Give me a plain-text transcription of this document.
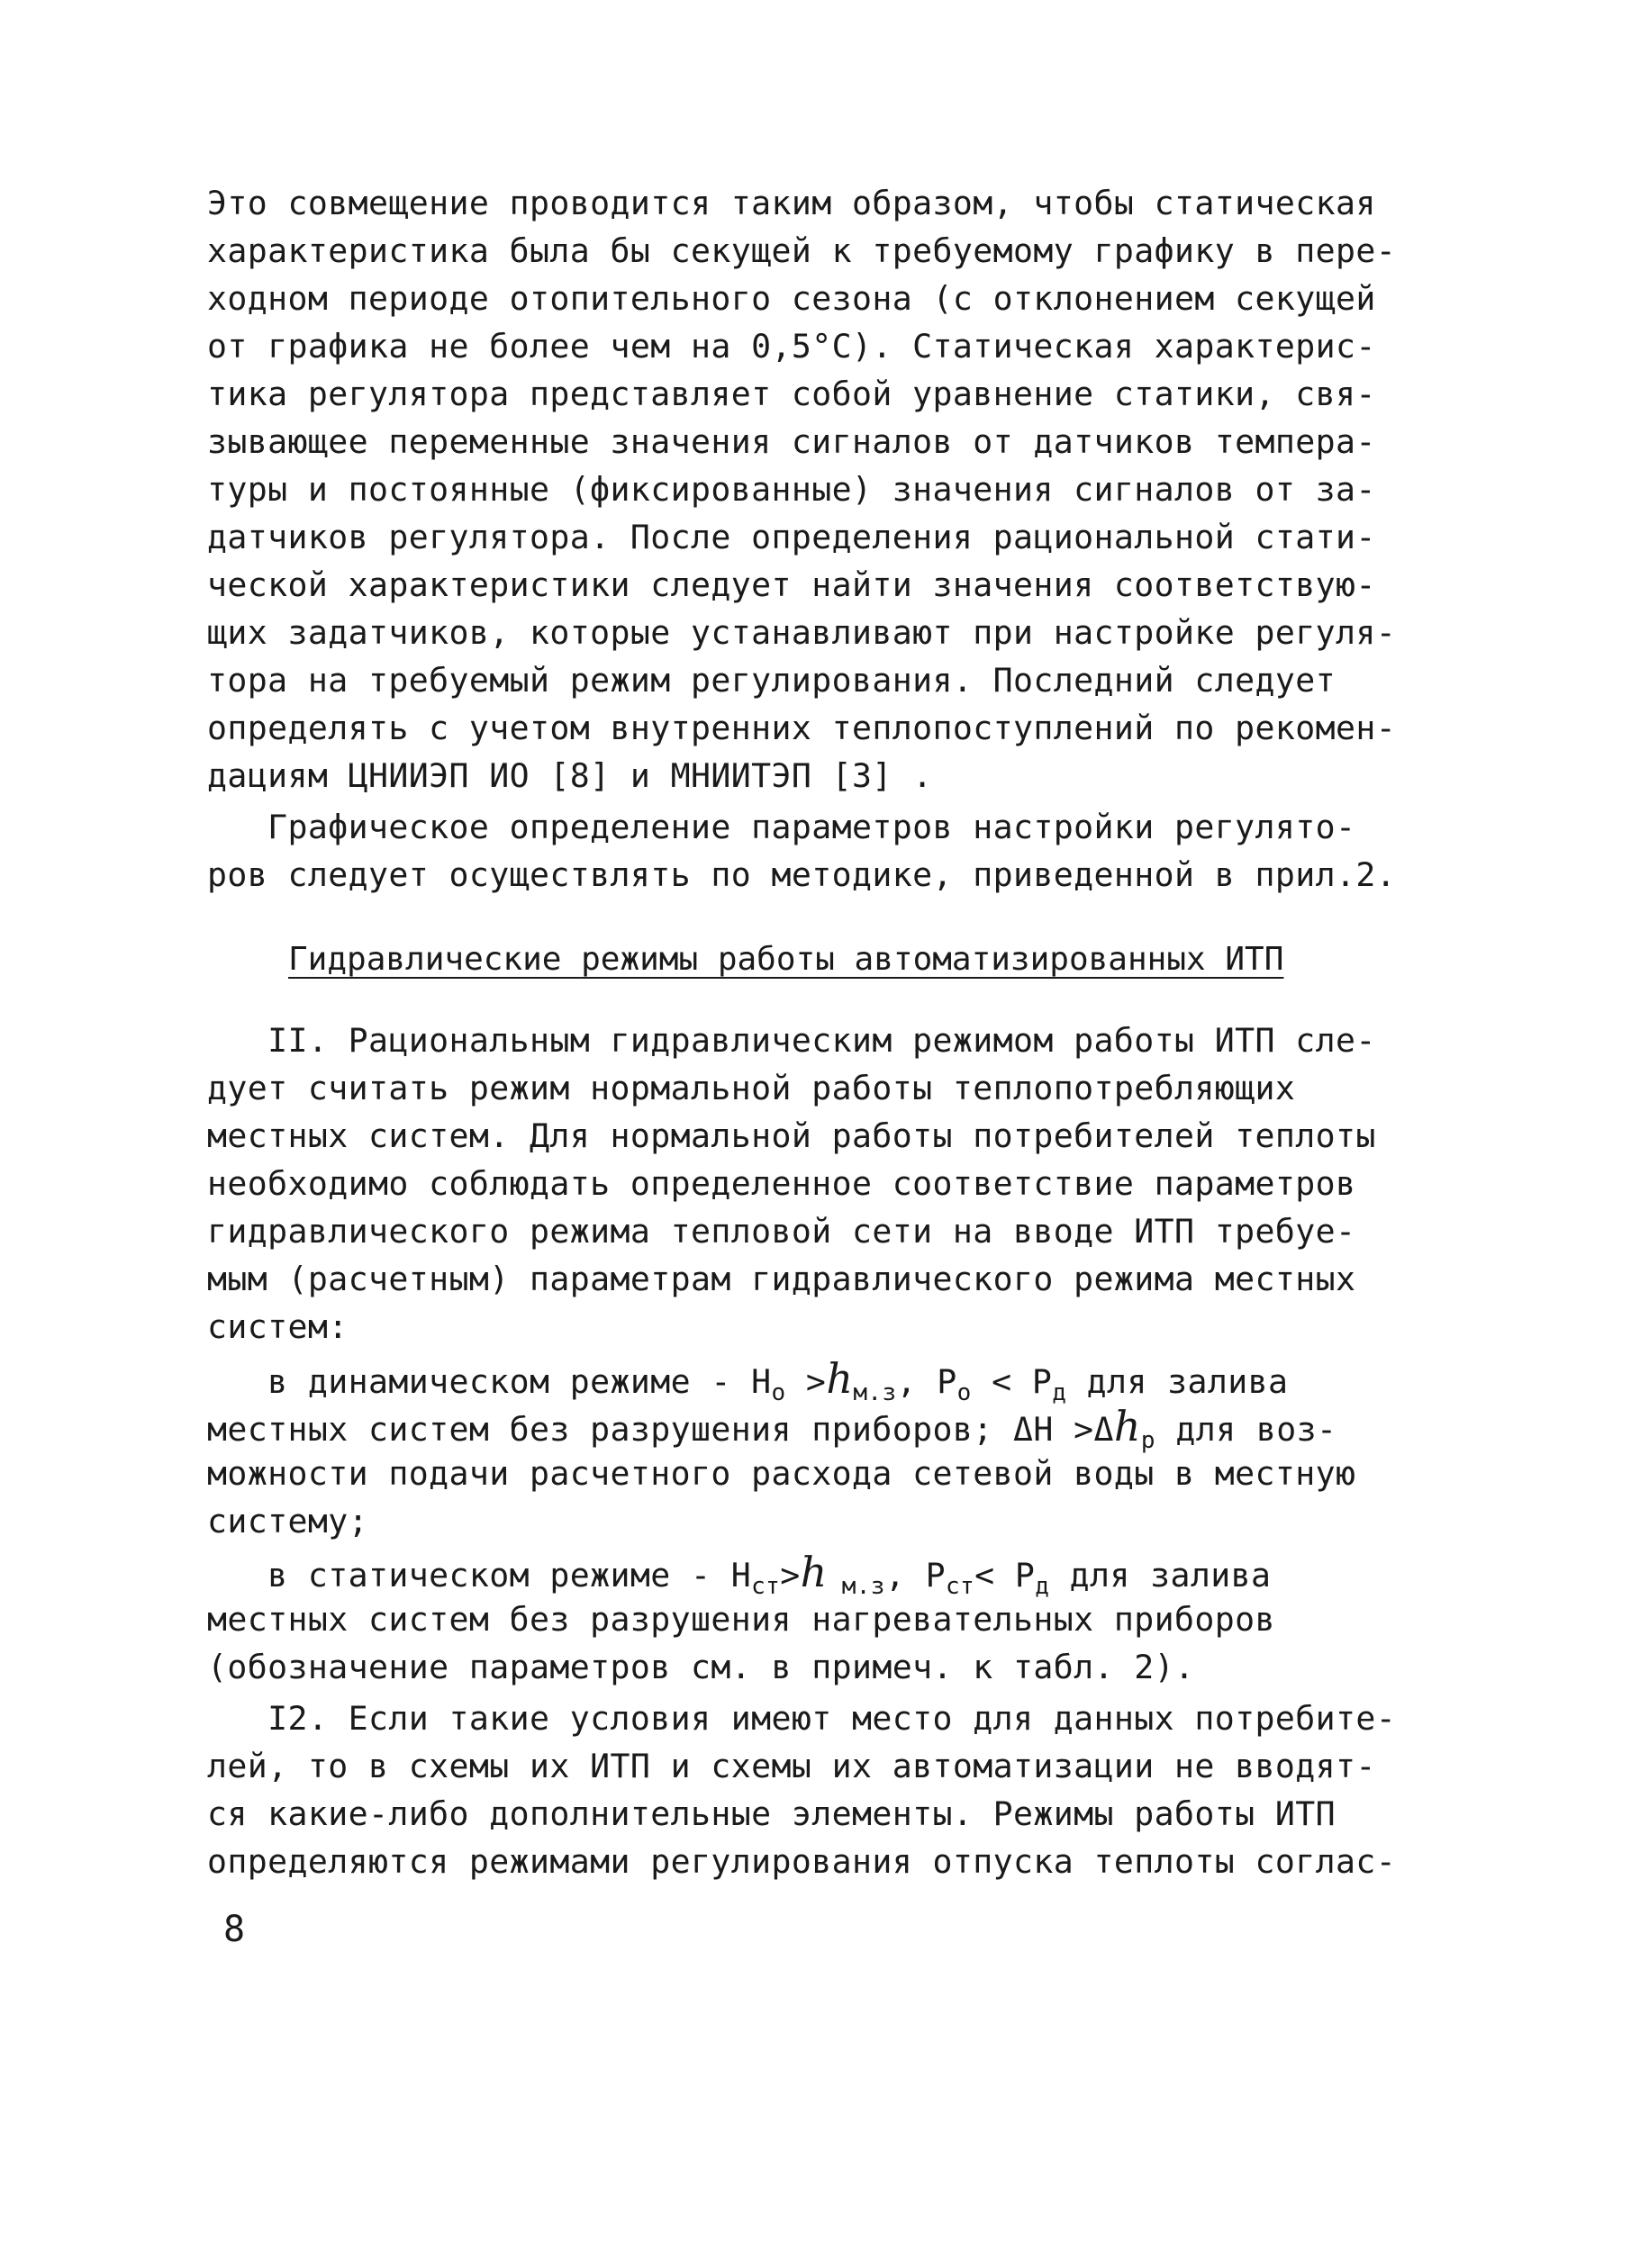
Это совмещение проводится таким образом, чтобы статическая
характеристика была бы секущей к требуемому графику в пере-
ходном периоде отопительного сезона (с отклонением секущей
от графика не более чем на 0,5°С). Статическая характерис-
тика регулятора представляет собой уравнение статики, свя-
зывающее переменные значения сигналов от датчиков темпера-
туры и постоянные (фиксированные) значения сигналов от за-
датчиков регулятора. После определения рациональной стати-
ческой характеристики следует найти значения соответствую-
щих задатчиков, которые устанавливают при настройке регуля-
тора на требуемый режим регулирования. Последний следует
определять с учетом внутренних теплопоступлений по рекомен-
дациям ЦНИИЭП ИО [8] и МНИИТЭП [3] .
Графическое определение параметров настройки регулято-
ров следует осуществлять по методике, приведенной в прил.2.
Гидравлические режимы работы автоматизированных ИТП
II. Рациональным гидравлическим режимом работы ИТП сле-
дует считать режим нормальной работы теплопотребляющих
местных систем. Для нормальной работы потребителей теплоты
необходимо соблюдать определенное соответствие параметров
гидравлического режима тепловой сети на вводе ИТП требуе-
мым (расчетным) параметрам гидравлического режима местных
систем:
в динамическом режиме - $H_о >h_{м.з}$, $P_о < P_д$ для залива
местных систем без разрушения приборов; $\Delta H >\Delta h_р$ для воз-
можности подачи расчетного расхода сетевой воды в местную
систему;
в статическом режиме - $H_{ст}>h$ $_{м.з}$, $P_{ст}< P_д$ для залива
местных систем без разрушения нагревательных приборов
(обозначение параметров см. в примеч. к табл. 2).
I2. Если такие условия имеют место для данных потребите-
лей, то в схемы их ИТП и схемы их автоматизации не вводят-
ся какие-либо дополнительные элементы. Режимы работы ИТП
определяются режимами регулирования отпуска теплоты соглас-
8
